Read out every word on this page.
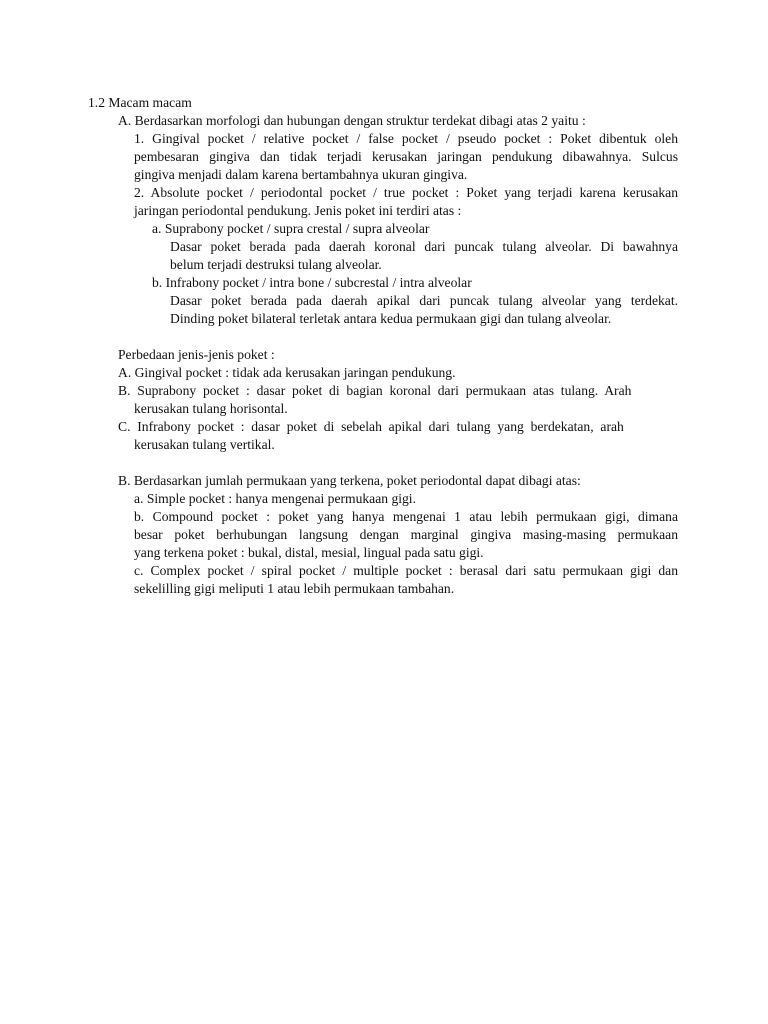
1.2 Macam macam
A. Berdasarkan morfologi dan hubungan dengan struktur terdekat dibagi atas 2 yaitu :
1. Gingival pocket / relative pocket / false pocket / pseudo pocket : Poket dibentuk oleh
pembesaran gingiva dan tidak terjadi kerusakan jaringan pendukung dibawahnya. Sulcus
gingiva menjadi dalam karena bertambahnya ukuran gingiva.
2. Absolute pocket / periodontal pocket / true pocket : Poket yang terjadi karena kerusakan
jaringan periodontal pendukung. Jenis poket ini terdiri atas :
a. Suprabony pocket / supra crestal / supra alveolar
Dasar poket berada pada daerah koronal dari puncak tulang alveolar. Di bawahnya
belum terjadi destruksi tulang alveolar.
b. Infrabony pocket / intra bone / subcrestal / intra alveolar
Dasar poket berada pada daerah apikal dari puncak tulang alveolar yang terdekat.
Dinding poket bilateral terletak antara kedua permukaan gigi dan tulang alveolar.
Perbedaan jenis-jenis poket :
A. Gingival pocket : tidak ada kerusakan jaringan pendukung.
B.  Suprabony  pocket  :  dasar  poket  di  bagian  koronal  dari  permukaan  atas  tulang.  Arah
kerusakan tulang horisontal.
C.  Infrabony  pocket  :  dasar  poket  di  sebelah  apikal  dari  tulang  yang  berdekatan,  arah
kerusakan tulang vertikal.
B. Berdasarkan jumlah permukaan yang terkena, poket periodontal dapat dibagi atas:
a. Simple pocket : hanya mengenai permukaan gigi.
b. Compound pocket : poket yang hanya mengenai 1 atau lebih permukaan gigi, dimana
besar poket berhubungan langsung dengan marginal gingiva masing-masing permukaan
yang terkena poket : bukal, distal, mesial, lingual pada satu gigi.
c. Complex pocket / spiral pocket / multiple pocket : berasal dari satu permukaan gigi dan
sekelilling gigi meliputi 1 atau lebih permukaan tambahan.
